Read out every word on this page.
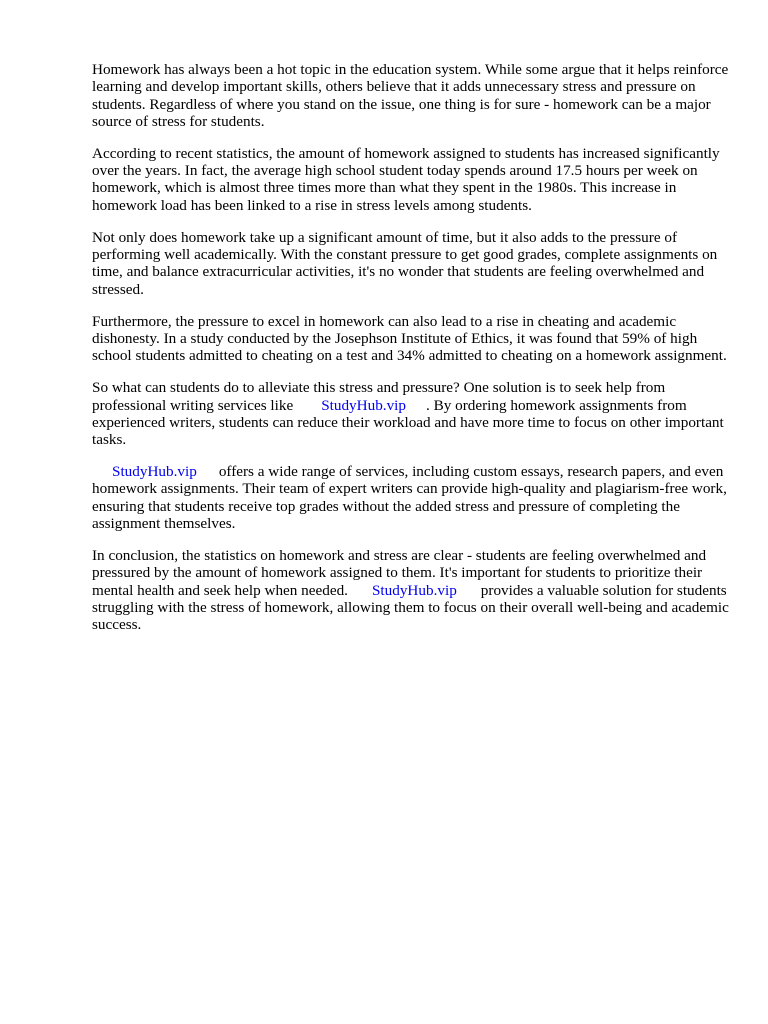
Homework has always been a hot topic in the education system. While some argue that it helps reinforce learning and develop important skills, others believe that it adds unnecessary stress and pressure on students. Regardless of where you stand on the issue, one thing is for sure - homework can be a major source of stress for students.

According to recent statistics, the amount of homework assigned to students has increased significantly over the years. In fact, the average high school student today spends around 17.5 hours per week on homework, which is almost three times more than what they spent in the 1980s. This increase in homework load has been linked to a rise in stress levels among students.

Not only does homework take up a significant amount of time, but it also adds to the pressure of performing well academically. With the constant pressure to get good grades, complete assignments on time, and balance extracurricular activities, it's no wonder that students are feeling overwhelmed and stressed.

Furthermore, the pressure to excel in homework can also lead to a rise in cheating and academic dishonesty. In a study conducted by the Josephson Institute of Ethics, it was found that 59% of high school students admitted to cheating on a test and 34% admitted to cheating on a homework assignment.

So what can students do to alleviate this stress and pressure? One solution is to seek help from professional writing services like StudyHub.vip . By ordering homework assignments from experienced writers, students can reduce their workload and have more time to focus on other important tasks.

StudyHub.vip offers a wide range of services, including custom essays, research papers, and even homework assignments. Their team of expert writers can provide high-quality and plagiarism-free work, ensuring that students receive top grades without the added stress and pressure of completing the assignment themselves.

In conclusion, the statistics on homework and stress are clear - students are feeling overwhelmed and pressured by the amount of homework assigned to them. It's important for students to prioritize their mental health and seek help when needed. StudyHub.vip provides a valuable solution for students struggling with the stress of homework, allowing them to focus on their overall well-being and academic success.
